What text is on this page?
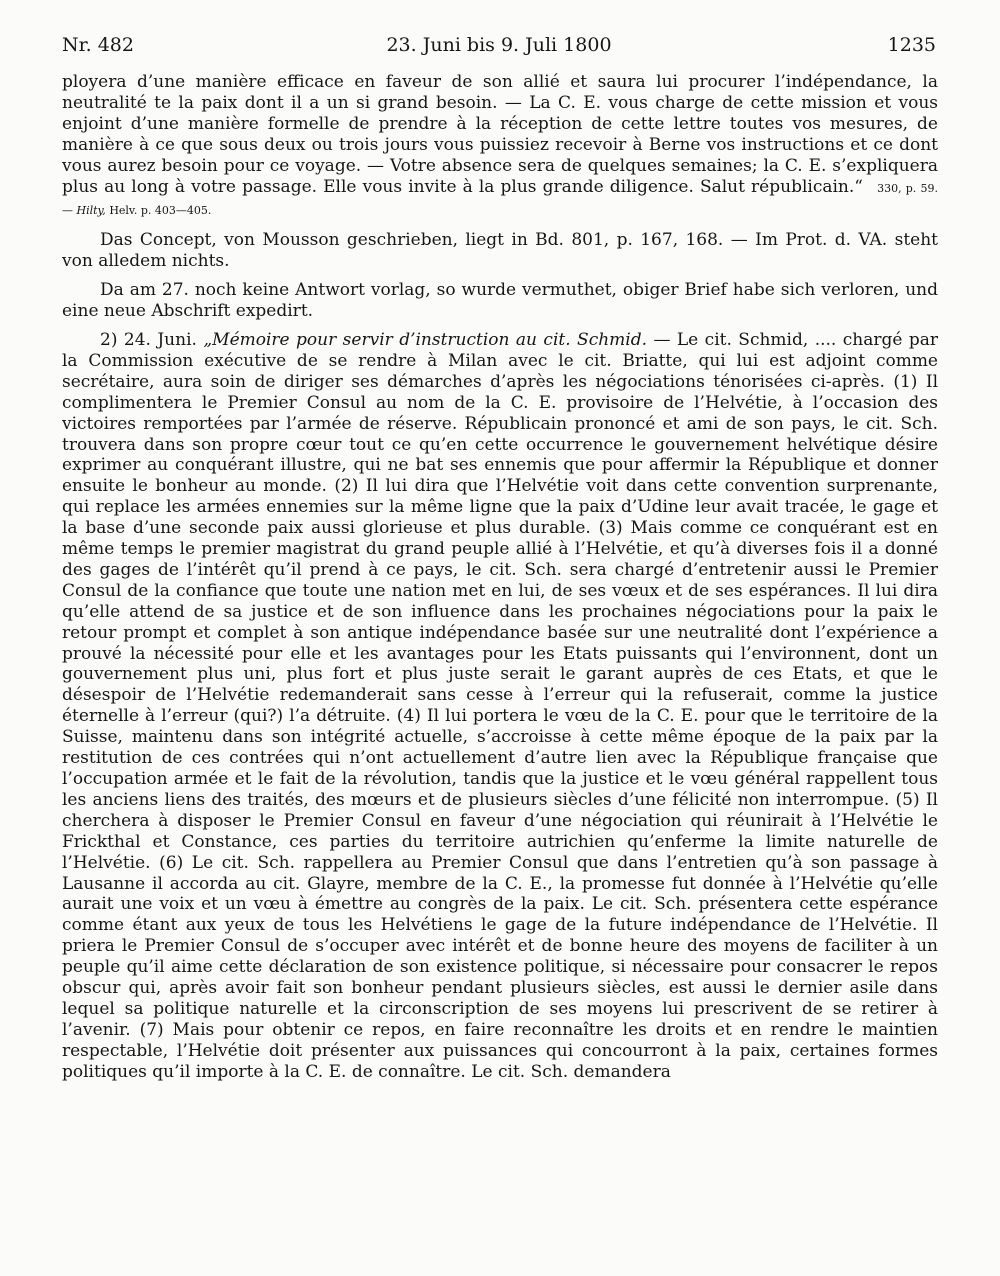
Nr. 482	23. Juni bis 9. Juli 1800	1235

ployera d’une manière efficace en faveur de son allié et saura lui procurer l’indépendance, la neutralité te la paix dont il a un si grand besoin. — La C. E. vous charge de cette mission et vous enjoint d’une manière formelle de prendre à la réception de cette lettre toutes vos mesures, de manière à ce que sous deux ou trois jours vous puissiez recevoir à Berne vos instructions et ce dont vous aurez besoin pour ce voyage. — Votre absence sera de quelques semaines; la C. E. s’expliquera plus au long à votre passage. Elle vous invite à la plus grande diligence. Salut républicain.“ 330, p. 59. — Hilty, Helv. p. 403—405.

Das Concept, von Mousson geschrieben, liegt in Bd. 801, p. 167, 168. — Im Prot. d. VA. steht von alledem nichts.

Da am 27. noch keine Antwort vorlag, so wurde vermuthet, obiger Brief habe sich verloren, und eine neue Abschrift expedirt.

2) 24. Juni. „Mémoire pour servir d’instruction au cit. Schmid. — Le cit. Schmid, .... chargé par la Commission exécutive de se rendre à Milan avec le cit. Briatte, qui lui est adjoint comme secrétaire, aura soin de diriger ses démarches d’après les négociations ténorisées ci-après. (1) Il complimentera le Premier Consul au nom de la C. E. provisoire de l’Helvétie, à l’occasion des victoires remportées par l’armée de réserve. Républicain prononcé et ami de son pays, le cit. Sch. trouvera dans son propre cœur tout ce qu’en cette occurrence le gouvernement helvétique désire exprimer au conquérant illustre, qui ne bat ses ennemis que pour affermir la République et donner ensuite le bonheur au monde. (2) Il lui dira que l’Helvétie voit dans cette convention surprenante, qui replace les armées ennemies sur la même ligne que la paix d’Udine leur avait tracée, le gage et la base d’une seconde paix aussi glorieuse et plus durable. (3) Mais comme ce conquérant est en même temps le premier magistrat du grand peuple allié à l’Helvétie, et qu’à diverses fois il a donné des gages de l’intérêt qu’il prend à ce pays, le cit. Sch. sera chargé d’entretenir aussi le Premier Consul de la confiance que toute une nation met en lui, de ses vœux et de ses espérances. Il lui dira qu’elle attend de sa justice et de son influence dans les prochaines négociations pour la paix le retour prompt et complet à son antique indépendance basée sur une neutralité dont l’expérience a prouvé la nécessité pour elle et les avantages pour les Etats puissants qui l’environnent, dont un gouvernement plus uni, plus fort et plus juste serait le garant auprès de ces Etats, et que le désespoir de l’Helvétie redemanderait sans cesse à l’erreur qui la refuserait, comme la justice éternelle à l’erreur (qui?) l’a détruite. (4) Il lui portera le vœu de la C. E. pour que le territoire de la Suisse, maintenu dans son intégrité actuelle, s’accroisse à cette même époque de la paix par la restitution de ces contrées qui n’ont actuellement d’autre lien avec la République française que l’occupation armée et le fait de la révolution, tandis que la justice et le vœu général rappellent tous les anciens liens des traités, des mœurs et de plusieurs siècles d’une félicité non interrompue. (5) Il cherchera à disposer le Premier Consul en faveur d’une négociation qui réunirait à l’Helvétie le Frickthal et Constance, ces parties du territoire autrichien qu’enferme la limite naturelle de l’Helvétie. (6) Le cit. Sch. rappellera au Premier Consul que dans l’entretien qu’à son passage à Lausanne il accorda au cit. Glayre, membre de la C. E., la promesse fut donnée à l’Helvétie qu’elle aurait une voix et un vœu à émettre au congrès de la paix. Le cit. Sch. présentera cette espérance comme étant aux yeux de tous les Helvétiens le gage de la future indépendance de l’Helvétie. Il priera le Premier Consul de s’occuper avec intérêt et de bonne heure des moyens de faciliter à un peuple qu’il aime cette déclaration de son existence politique, si nécessaire pour consacrer le repos obscur qui, après avoir fait son bonheur pendant plusieurs siècles, est aussi le dernier asile dans lequel sa politique naturelle et la circonscription de ses moyens lui prescrivent de se retirer à l’avenir. (7) Mais pour obtenir ce repos, en faire reconnaître les droits et en rendre le maintien respectable, l’Helvétie doit présenter aux puissances qui concourront à la paix, certaines formes politiques qu’il importe à la C. E. de connaître. Le cit. Sch. demandera
